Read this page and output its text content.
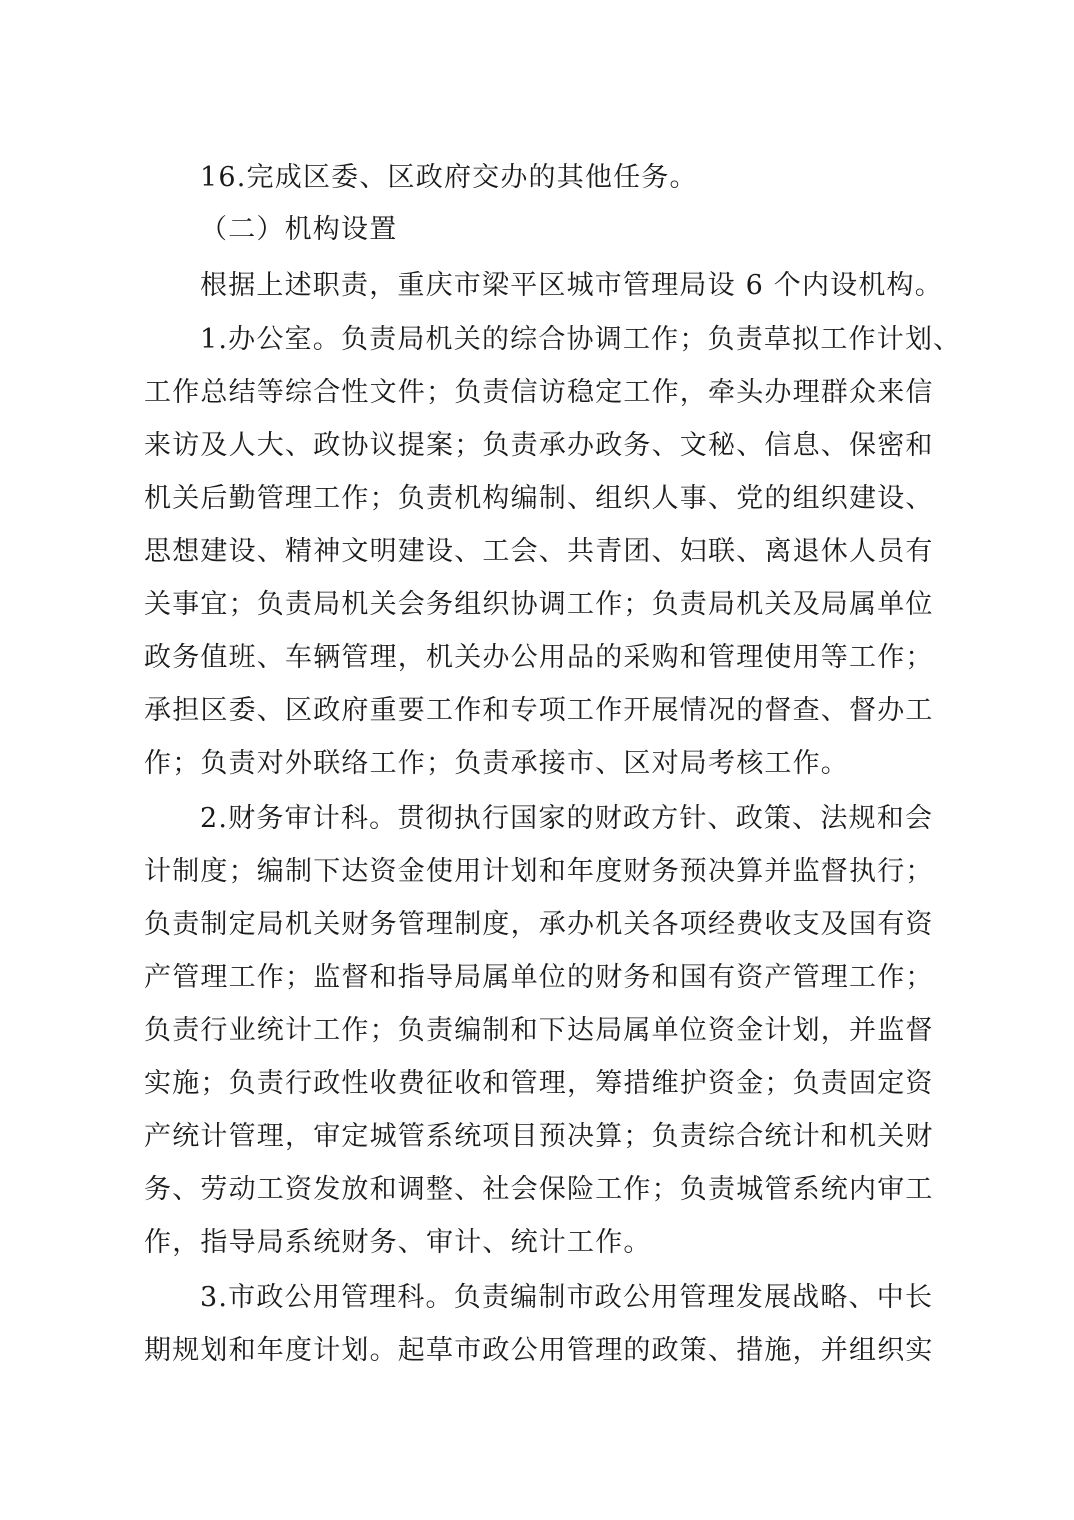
16.完成区委、区政府交办的其他任务。
（二）机构设置
根据上述职责，重庆市梁平区城市管理局设 6 个内设机构。
1.办公室。负责局机关的综合协调工作；负责草拟工作计划、
工作总结等综合性文件；负责信访稳定工作，牵头办理群众来信
来访及人大、政协议提案；负责承办政务、文秘、信息、保密和
机关后勤管理工作；负责机构编制、组织人事、党的组织建设、
思想建设、精神文明建设、工会、共青团、妇联、离退休人员有
关事宜；负责局机关会务组织协调工作；负责局机关及局属单位
政务值班、车辆管理，机关办公用品的采购和管理使用等工作；
承担区委、区政府重要工作和专项工作开展情况的督查、督办工
作；负责对外联络工作；负责承接市、区对局考核工作。
2.财务审计科。贯彻执行国家的财政方针、政策、法规和会
计制度；编制下达资金使用计划和年度财务预决算并监督执行；
负责制定局机关财务管理制度，承办机关各项经费收支及国有资
产管理工作；监督和指导局属单位的财务和国有资产管理工作；
负责行业统计工作；负责编制和下达局属单位资金计划，并监督
实施；负责行政性收费征收和管理，筹措维护资金；负责固定资
产统计管理，审定城管系统项目预决算；负责综合统计和机关财
务、劳动工资发放和调整、社会保险工作；负责城管系统内审工
作，指导局系统财务、审计、统计工作。
3.市政公用管理科。负责编制市政公用管理发展战略、中长
期规划和年度计划。起草市政公用管理的政策、措施，并组织实
